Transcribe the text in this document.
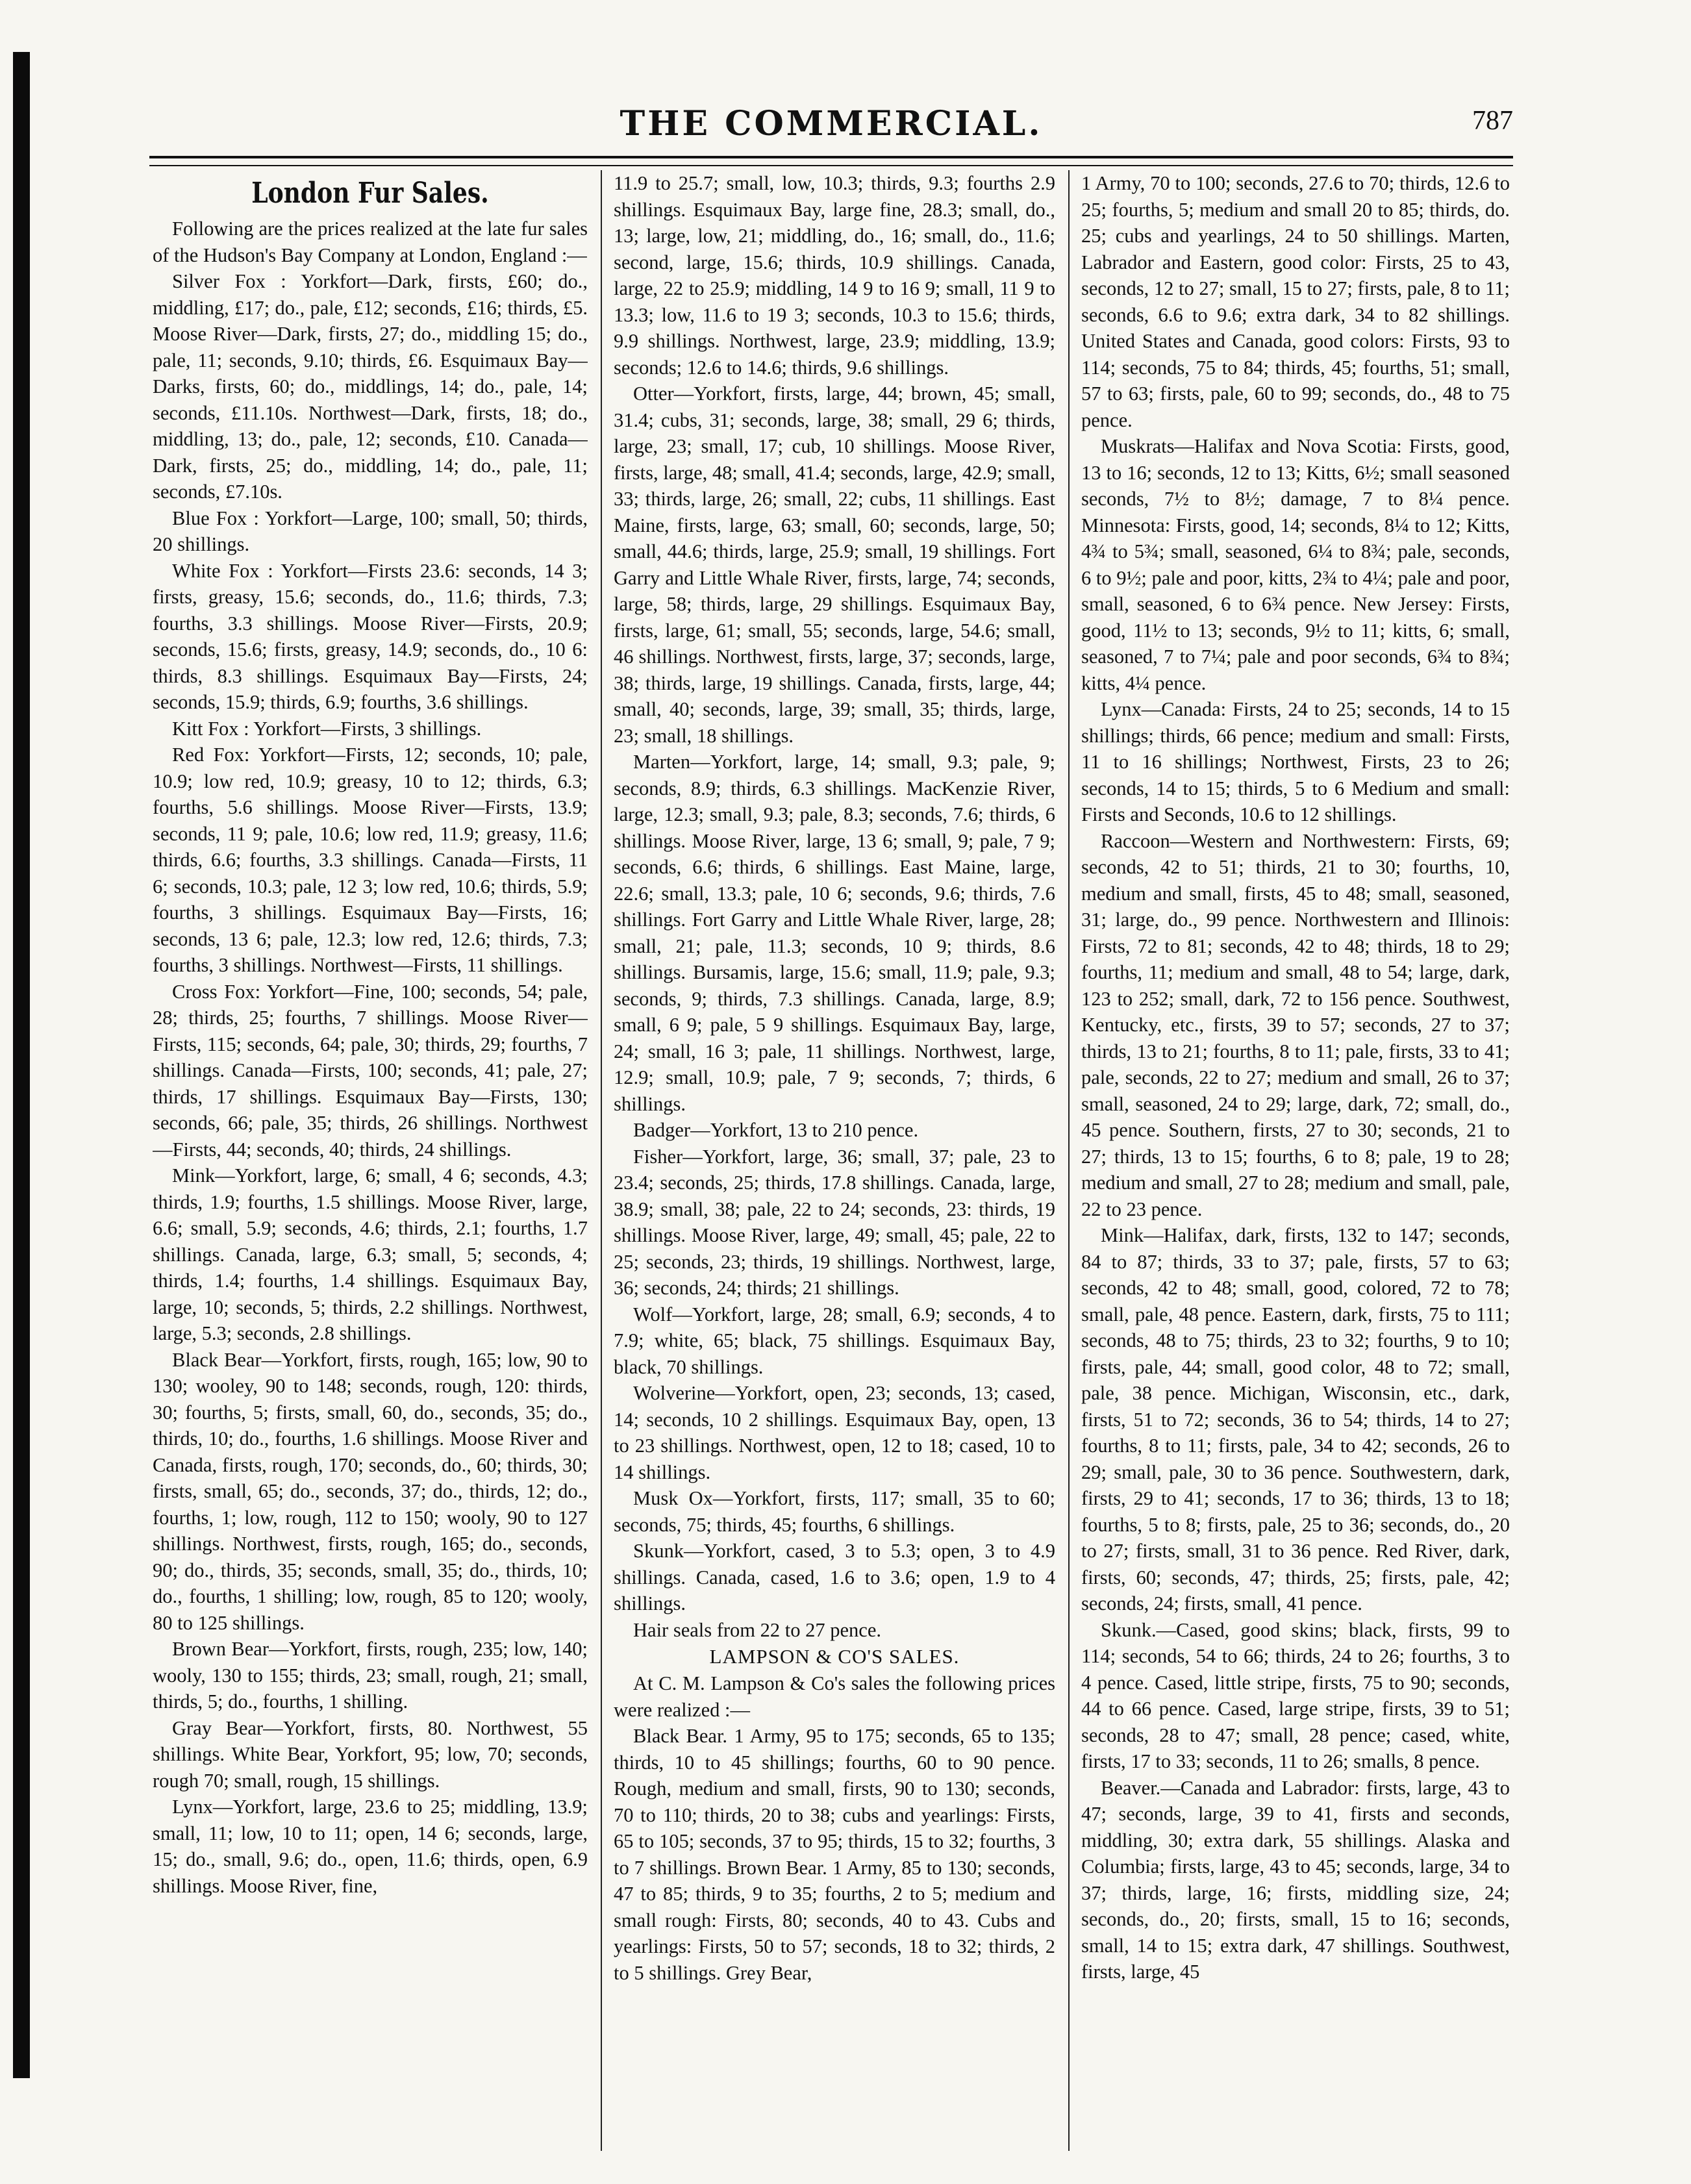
THE COMMERCIAL.	787
London Fur Sales.

Following are the prices realized at the late fur sales of the Hudson's Bay Company at London, England :—

Silver Fox : Yorkfort—Dark, firsts, £60; do., middling, £17; do., pale, £12; seconds, £16; thirds, £5. Moose River—Dark, firsts, 27; do., middling 15; do., pale, 11; seconds, 9.10; thirds, £6. Esquimaux Bay—Darks, firsts, 60; do., middlings, 14; do., pale, 14; seconds, £11.10s. Northwest—Dark, firsts, 18; do., middling, 13; do., pale, 12; seconds, £10. Canada—Dark, firsts, 25; do., middling, 14; do., pale, 11; seconds, £7.10s.

Blue Fox : Yorkfort—Large, 100; small, 50; thirds, 20 shillings.

White Fox : Yorkfort—Firsts 23.6: seconds, 14 3; firsts, greasy, 15.6; seconds, do., 11.6; thirds, 7.3; fourths, 3.3 shillings. Moose River—Firsts, 20.9; seconds, 15.6; firsts, greasy, 14.9; seconds, do., 10 6: thirds, 8.3 shillings. Esquimaux Bay—Firsts, 24; seconds, 15.9; thirds, 6.9; fourths, 3.6 shillings.

Kitt Fox : Yorkfort—Firsts, 3 shillings.

Red Fox: Yorkfort—Firsts, 12; seconds, 10; pale, 10.9; low red, 10.9; greasy, 10 to 12; thirds, 6.3; fourths, 5.6 shillings. Moose River—Firsts, 13.9; seconds, 11 9; pale, 10.6; low red, 11.9; greasy, 11.6; thirds, 6.6; fourths, 3.3 shillings. Canada—Firsts, 11 6; seconds, 10.3; pale, 12 3; low red, 10.6; thirds, 5.9; fourths, 3 shillings. Esquimaux Bay—Firsts, 16; seconds, 13 6; pale, 12.3; low red, 12.6; thirds, 7.3; fourths, 3 shillings. Northwest—Firsts, 11 shillings.

Cross Fox: Yorkfort—Fine, 100; seconds, 54; pale, 28; thirds, 25; fourths, 7 shillings. Moose River—Firsts, 115; seconds, 64; pale, 30; thirds, 29; fourths, 7 shillings. Canada—Firsts, 100; seconds, 41; pale, 27; thirds, 17 shillings. Esquimaux Bay—Firsts, 130; seconds, 66; pale, 35; thirds, 26 shillings. Northwest—Firsts, 44; seconds, 40; thirds, 24 shillings.

Mink—Yorkfort, large, 6; small, 4 6; seconds, 4.3; thirds, 1.9; fourths, 1.5 shillings. Moose River, large, 6.6; small, 5.9; seconds, 4.6; thirds, 2.1; fourths, 1.7 shillings. Canada, large, 6.3; small, 5; seconds, 4; thirds, 1.4; fourths, 1.4 shillings. Esquimaux Bay, large, 10; seconds, 5; thirds, 2.2 shillings. Northwest, large, 5.3; seconds, 2.8 shillings.

Black Bear—Yorkfort, firsts, rough, 165; low, 90 to 130; wooley, 90 to 148; seconds, rough, 120: thirds, 30; fourths, 5; firsts, small, 60, do., seconds, 35; do., thirds, 10; do., fourths, 1.6 shillings. Moose River and Canada, firsts, rough, 170; seconds, do., 60; thirds, 30; firsts, small, 65; do., seconds, 37; do., thirds, 12; do., fourths, 1; low, rough, 112 to 150; wooly, 90 to 127 shillings. Northwest, firsts, rough, 165; do., seconds, 90; do., thirds, 35; seconds, small, 35; do., thirds, 10; do., fourths, 1 shilling; low, rough, 85 to 120; wooly, 80 to 125 shillings.

Brown Bear—Yorkfort, firsts, rough, 235; low, 140; wooly, 130 to 155; thirds, 23; small, rough, 21; small, thirds, 5; do., fourths, 1 shilling.

Gray Bear—Yorkfort, firsts, 80. Northwest, 55 shillings. White Bear, Yorkfort, 95; low, 70; seconds, rough 70; small, rough, 15 shillings.

Lynx—Yorkfort, large, 23.6 to 25; middling, 13.9; small, 11; low, 10 to 11; open, 14 6; seconds, large, 15; do., small, 9.6; do., open, 11.6; thirds, open, 6.9 shillings. Moose River, fine,

11.9 to 25.7; small, low, 10.3; thirds, 9.3; fourths 2.9 shillings. Esquimaux Bay, large fine, 28.3; small, do., 13; large, low, 21; middling, do., 16; small, do., 11.6; second, large, 15.6; thirds, 10.9 shillings. Canada, large, 22 to 25.9; middling, 14 9 to 16 9; small, 11 9 to 13.3; low, 11.6 to 19 3; seconds, 10.3 to 15.6; thirds, 9.9 shillings. Northwest, large, 23.9; middling, 13.9; seconds; 12.6 to 14.6; thirds, 9.6 shillings.

Otter—Yorkfort, firsts, large, 44; brown, 45; small, 31.4; cubs, 31; seconds, large, 38; small, 29 6; thirds, large, 23; small, 17; cub, 10 shillings. Moose River, firsts, large, 48; small, 41.4; seconds, large, 42.9; small, 33; thirds, large, 26; small, 22; cubs, 11 shillings. East Maine, firsts, large, 63; small, 60; seconds, large, 50; small, 44.6; thirds, large, 25.9; small, 19 shillings. Fort Garry and Little Whale River, firsts, large, 74; seconds, large, 58; thirds, large, 29 shillings. Esquimaux Bay, firsts, large, 61; small, 55; seconds, large, 54.6; small, 46 shillings. Northwest, firsts, large, 37; seconds, large, 38; thirds, large, 19 shillings. Canada, firsts, large, 44; small, 40; seconds, large, 39; small, 35; thirds, large, 23; small, 18 shillings.

Marten—Yorkfort, large, 14; small, 9.3; pale, 9; seconds, 8.9; thirds, 6.3 shillings. MacKenzie River, large, 12.3; small, 9.3; pale, 8.3; seconds, 7.6; thirds, 6 shillings. Moose River, large, 13 6; small, 9; pale, 7 9; seconds, 6.6; thirds, 6 shillings. East Maine, large, 22.6; small, 13.3; pale, 10 6; seconds, 9.6; thirds, 7.6 shillings. Fort Garry and Little Whale River, large, 28; small, 21; pale, 11.3; seconds, 10 9; thirds, 8.6 shillings. Bursamis, large, 15.6; small, 11.9; pale, 9.3; seconds, 9; thirds, 7.3 shillings. Canada, large, 8.9; small, 6 9; pale, 5 9 shillings. Esquimaux Bay, large, 24; small, 16 3; pale, 11 shillings. Northwest, large, 12.9; small, 10.9; pale, 7 9; seconds, 7; thirds, 6 shillings.

Badger—Yorkfort, 13 to 210 pence.

Fisher—Yorkfort, large, 36; small, 37; pale, 23 to 23.4; seconds, 25; thirds, 17.8 shillings. Canada, large, 38.9; small, 38; pale, 22 to 24; seconds, 23: thirds, 19 shillings. Moose River, large, 49; small, 45; pale, 22 to 25; seconds, 23; thirds, 19 shillings. Northwest, large, 36; seconds, 24; thirds; 21 shillings.

Wolf—Yorkfort, large, 28; small, 6.9; seconds, 4 to 7.9; white, 65; black, 75 shillings. Esquimaux Bay, black, 70 shillings.

Wolverine—Yorkfort, open, 23; seconds, 13; cased, 14; seconds, 10 2 shillings. Esquimaux Bay, open, 13 to 23 shillings. Northwest, open, 12 to 18; cased, 10 to 14 shillings.

Musk Ox—Yorkfort, firsts, 117; small, 35 to 60; seconds, 75; thirds, 45; fourths, 6 shillings.

Skunk—Yorkfort, cased, 3 to 5.3; open, 3 to 4.9 shillings. Canada, cased, 1.6 to 3.6; open, 1.9 to 4 shillings.

Hair seals from 22 to 27 pence.

LAMPSON & CO'S SALES.

At C. M. Lampson & Co's sales the following prices were realized :—

Black Bear. 1 Army, 95 to 175; seconds, 65 to 135; thirds, 10 to 45 shillings; fourths, 60 to 90 pence. Rough, medium and small, firsts, 90 to 130; seconds, 70 to 110; thirds, 20 to 38; cubs and yearlings: Firsts, 65 to 105; seconds, 37 to 95; thirds, 15 to 32; fourths, 3 to 7 shillings. Brown Bear. 1 Army, 85 to 130; seconds, 47 to 85; thirds, 9 to 35; fourths, 2 to 5; medium and small rough: Firsts, 80; seconds, 40 to 43. Cubs and yearlings: Firsts, 50 to 57; seconds, 18 to 32; thirds, 2 to 5 shillings. Grey Bear,

1 Army, 70 to 100; seconds, 27.6 to 70; thirds, 12.6 to 25; fourths, 5; medium and small 20 to 85; thirds, do. 25; cubs and yearlings, 24 to 50 shillings. Marten, Labrador and Eastern, good color: Firsts, 25 to 43, seconds, 12 to 27; small, 15 to 27; firsts, pale, 8 to 11; seconds, 6.6 to 9.6; extra dark, 34 to 82 shillings. United States and Canada, good colors: Firsts, 93 to 114; seconds, 75 to 84; thirds, 45; fourths, 51; small, 57 to 63; firsts, pale, 60 to 99; seconds, do., 48 to 75 pence.

Muskrats—Halifax and Nova Scotia: Firsts, good, 13 to 16; seconds, 12 to 13; Kitts, 6½; small seasoned seconds, 7½ to 8½; damage, 7 to 8¼ pence. Minnesota: Firsts, good, 14; seconds, 8¼ to 12; Kitts, 4¾ to 5¾; small, seasoned, 6¼ to 8¾; pale, seconds, 6 to 9½; pale and poor, kitts, 2¾ to 4¼; pale and poor, small, seasoned, 6 to 6¾ pence. New Jersey: Firsts, good, 11½ to 13; seconds, 9½ to 11; kitts, 6; small, seasoned, 7 to 7¼; pale and poor seconds, 6¾ to 8¾; kitts, 4¼ pence.

Lynx—Canada: Firsts, 24 to 25; seconds, 14 to 15 shillings; thirds, 66 pence; medium and small: Firsts, 11 to 16 shillings; Northwest, Firsts, 23 to 26; seconds, 14 to 15; thirds, 5 to 6 Medium and small: Firsts and Seconds, 10.6 to 12 shillings.

Raccoon—Western and Northwestern: Firsts, 69; seconds, 42 to 51; thirds, 21 to 30; fourths, 10, medium and small, firsts, 45 to 48; small, seasoned, 31; large, do., 99 pence. Northwestern and Illinois: Firsts, 72 to 81; seconds, 42 to 48; thirds, 18 to 29; fourths, 11; medium and small, 48 to 54; large, dark, 123 to 252; small, dark, 72 to 156 pence. Southwest, Kentucky, etc., firsts, 39 to 57; seconds, 27 to 37; thirds, 13 to 21; fourths, 8 to 11; pale, firsts, 33 to 41; pale, seconds, 22 to 27; medium and small, 26 to 37; small, seasoned, 24 to 29; large, dark, 72; small, do., 45 pence. Southern, firsts, 27 to 30; seconds, 21 to 27; thirds, 13 to 15; fourths, 6 to 8; pale, 19 to 28; medium and small, 27 to 28; medium and small, pale, 22 to 23 pence.

Mink—Halifax, dark, firsts, 132 to 147; seconds, 84 to 87; thirds, 33 to 37; pale, firsts, 57 to 63; seconds, 42 to 48; small, good, colored, 72 to 78; small, pale, 48 pence. Eastern, dark, firsts, 75 to 111; seconds, 48 to 75; thirds, 23 to 32; fourths, 9 to 10; firsts, pale, 44; small, good color, 48 to 72; small, pale, 38 pence. Michigan, Wisconsin, etc., dark, firsts, 51 to 72; seconds, 36 to 54; thirds, 14 to 27; fourths, 8 to 11; firsts, pale, 34 to 42; seconds, 26 to 29; small, pale, 30 to 36 pence. Southwestern, dark, firsts, 29 to 41; seconds, 17 to 36; thirds, 13 to 18; fourths, 5 to 8; firsts, pale, 25 to 36; seconds, do., 20 to 27; firsts, small, 31 to 36 pence. Red River, dark, firsts, 60; seconds, 47; thirds, 25; firsts, pale, 42; seconds, 24; firsts, small, 41 pence.

Skunk.—Cased, good skins; black, firsts, 99 to 114; seconds, 54 to 66; thirds, 24 to 26; fourths, 3 to 4 pence. Cased, little stripe, firsts, 75 to 90; seconds, 44 to 66 pence. Cased, large stripe, firsts, 39 to 51; seconds, 28 to 47; small, 28 pence; cased, white, firsts, 17 to 33; seconds, 11 to 26; smalls, 8 pence.

Beaver.—Canada and Labrador: firsts, large, 43 to 47; seconds, large, 39 to 41, firsts and seconds, middling, 30; extra dark, 55 shillings. Alaska and Columbia; firsts, large, 43 to 45; seconds, large, 34 to 37; thirds, large, 16; firsts, middling size, 24; seconds, do., 20; firsts, small, 15 to 16; seconds, small, 14 to 15; extra dark, 47 shillings. Southwest, firsts, large, 45
